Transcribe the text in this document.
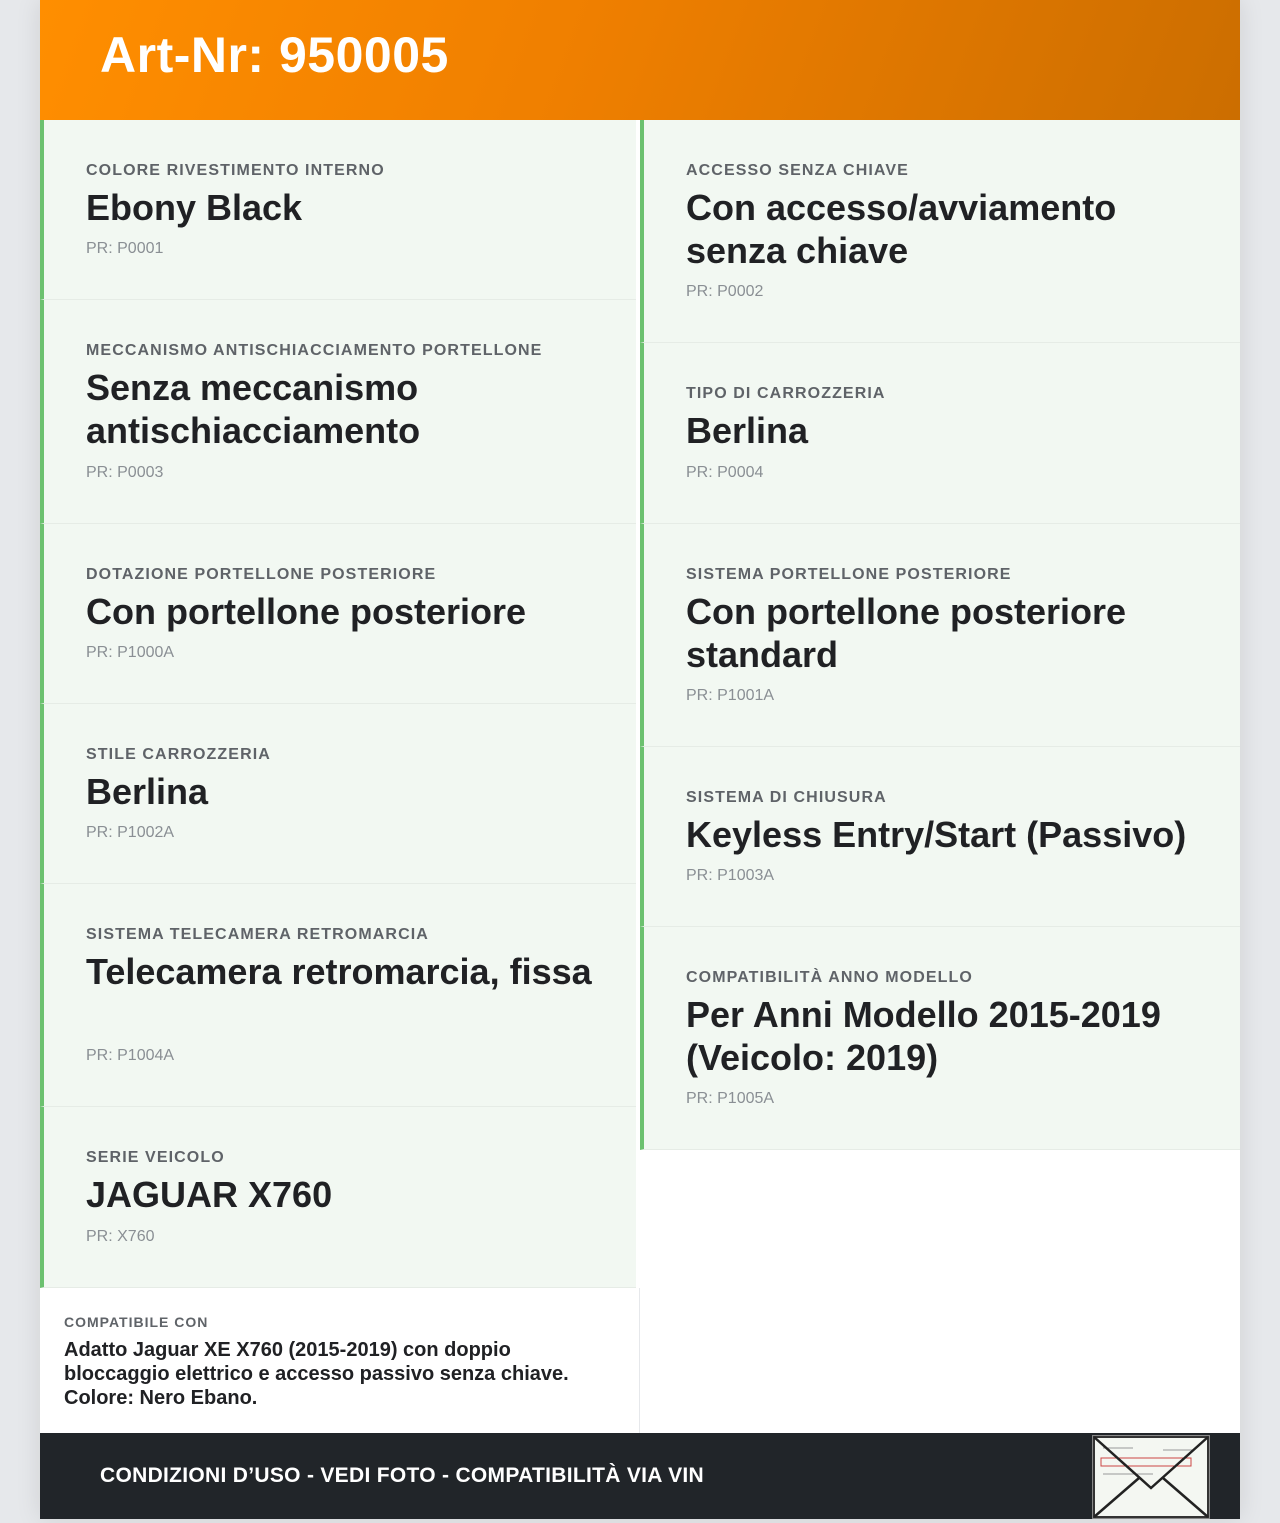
Art-Nr: 950005
COLORE RIVESTIMENTO INTERNO
Ebony Black
PR: P0001
MECCANISMO ANTISCHIACCIAMENTO PORTELLONE
Senza meccanismo antischiacciamento
PR: P0003
DOTAZIONE PORTELLONE POSTERIORE
Con portellone posteriore
PR: P1000A
STILE CARROZZERIA
Berlina
PR: P1002A
SISTEMA TELECAMERA RETROMARCIA
Telecamera retromarcia, fissa
PR: P1004A
SERIE VEICOLO
JAGUAR X760
PR: X760
ACCESSO SENZA CHIAVE
Con accesso/avviamento senza chiave
PR: P0002
TIPO DI CARROZZERIA
Berlina
PR: P0004
SISTEMA PORTELLONE POSTERIORE
Con portellone posteriore standard
PR: P1001A
SISTEMA DI CHIUSURA
Keyless Entry/Start (Passivo)
PR: P1003A
COMPATIBILITÀ ANNO MODELLO
Per Anni Modello 2015-2019 (Veicolo: 2019)
PR: P1005A
COMPATIBILE CON
Adatto Jaguar XE X760 (2015-2019) con doppio bloccaggio elettrico e accesso passivo senza chiave. Colore: Nero Ebano.
CONDIZIONI D’USO - VEDI FOTO - COMPATIBILITÀ VIA VIN
